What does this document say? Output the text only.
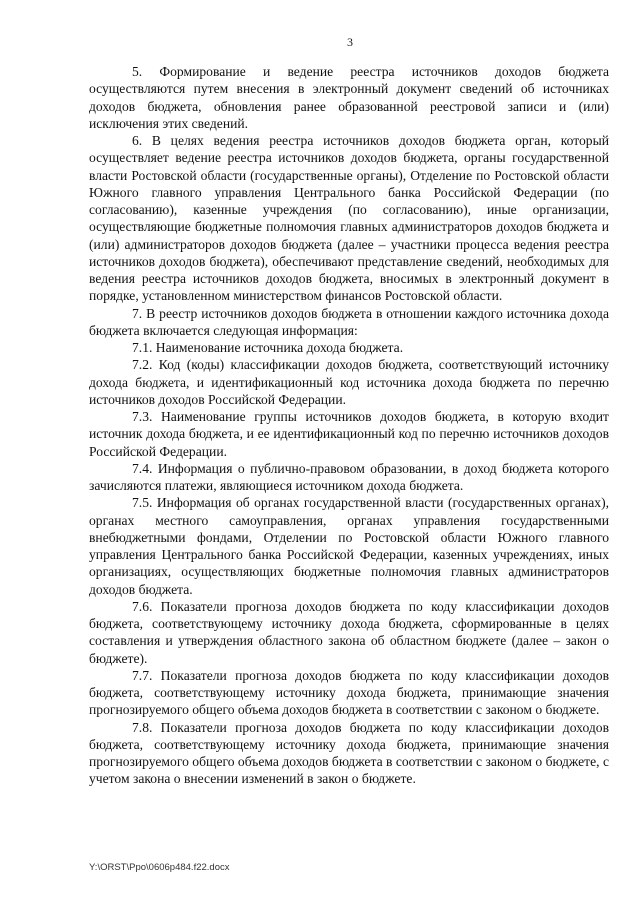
3

5. Формирование и ведение реестра источников доходов бюджета осуществляются путем внесения в электронный документ сведений об источниках доходов бюджета, обновления ранее образованной реестровой записи и (или) исключения этих сведений.

6. В целях ведения реестра источников доходов бюджета орган, который осуществляет ведение реестра источников доходов бюджета, органы государственной власти Ростовской области (государственные органы), Отделение по Ростовской области Южного главного управления Центрального банка Российской Федерации (по согласованию), казенные учреждения (по согласованию), иные организации, осуществляющие бюджетные полномочия главных администраторов доходов бюджета и (или) администраторов доходов бюджета (далее – участники процесса ведения реестра источников доходов бюджета), обеспечивают представление сведений, необходимых для ведения реестра источников доходов бюджета, вносимых в электронный документ в порядке, установленном министерством финансов Ростовской области.

7. В реестр источников доходов бюджета в отношении каждого источника дохода бюджета включается следующая информация:

7.1. Наименование источника дохода бюджета.

7.2. Код (коды) классификации доходов бюджета, соответствующий источнику дохода бюджета, и идентификационный код источника дохода бюджета по перечню источников доходов Российской Федерации.

7.3. Наименование группы источников доходов бюджета, в которую входит источник дохода бюджета, и ее идентификационный код по перечню источников доходов Российской Федерации.

7.4. Информация о публично-правовом образовании, в доход бюджета которого зачисляются платежи, являющиеся источником дохода бюджета.

7.5. Информация об органах государственной власти (государственных органах), органах местного самоуправления, органах управления государственными внебюджетными фондами, Отделении по Ростовской области Южного главного управления Центрального банка Российской Федерации, казенных учреждениях, иных организациях, осуществляющих бюджетные полномочия главных администраторов доходов бюджета.

7.6. Показатели прогноза доходов бюджета по коду классификации доходов бюджета, соответствующему источнику дохода бюджета, сформированные в целях составления и утверждения областного закона об областном бюджете (далее – закон о бюджете).

7.7. Показатели прогноза доходов бюджета по коду классификации доходов бюджета, соответствующему источнику дохода бюджета, принимающие значения прогнозируемого общего объема доходов бюджета в соответствии с законом о бюджете.

7.8. Показатели прогноза доходов бюджета по коду классификации доходов бюджета, соответствующему источнику дохода бюджета, принимающие значения прогнозируемого общего объема доходов бюджета в соответствии с законом о бюджете, с учетом закона о внесении изменений в закон о бюджете.

Y:\ORST\Ppo\0606p484.f22.docx
